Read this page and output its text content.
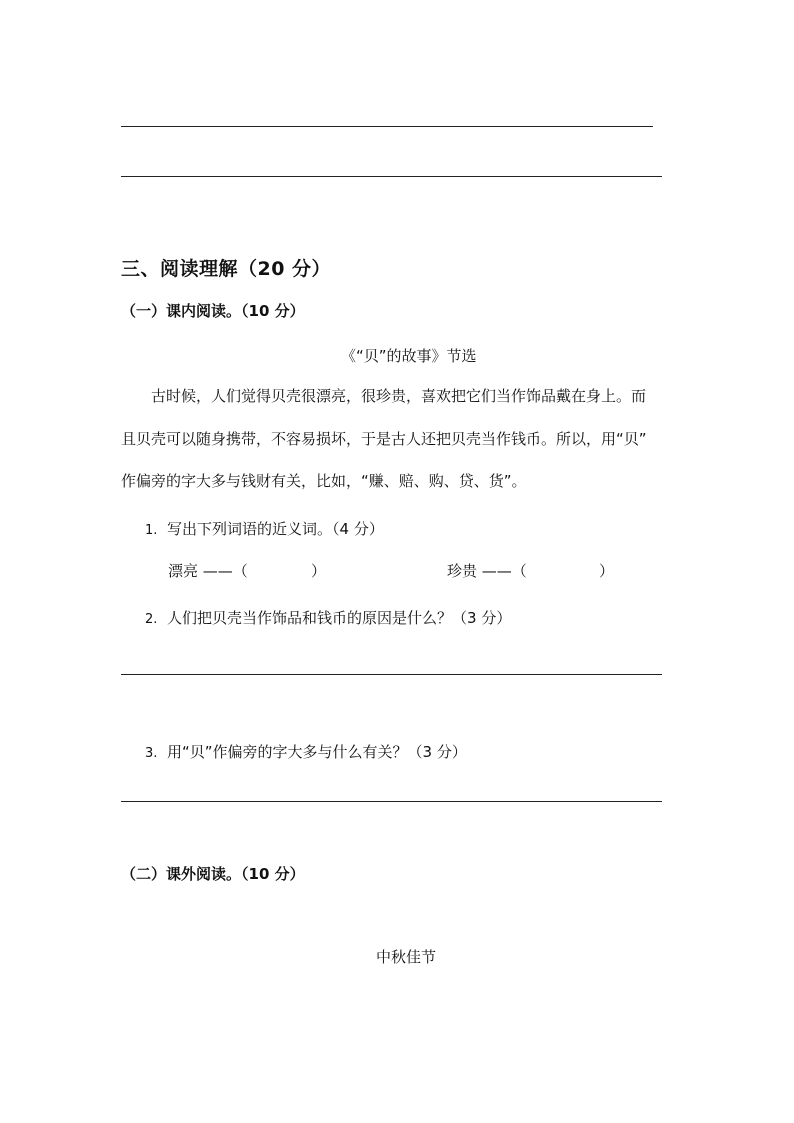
三、阅读理解（20 分）
（一）课内阅读。（10 分）
《“贝”的故事》节选
古时候，人们觉得贝壳很漂亮，很珍贵，喜欢把它们当作饰品戴在身上。而
且贝壳可以随身携带，不容易损坏，于是古人还把贝壳当作钱币。所以，用“贝”
作偏旁的字大多与钱财有关，比如，“赚、赔、购、贷、货”。
1. 写出下列词语的近义词。（4 分）
漂亮 ——（	）	珍贵 ——（	）
2. 人们把贝壳当作饰品和钱币的原因是什么？（3 分）
3. 用“贝”作偏旁的字大多与什么有关？（3 分）
（二）课外阅读。（10 分）
中秋佳节
